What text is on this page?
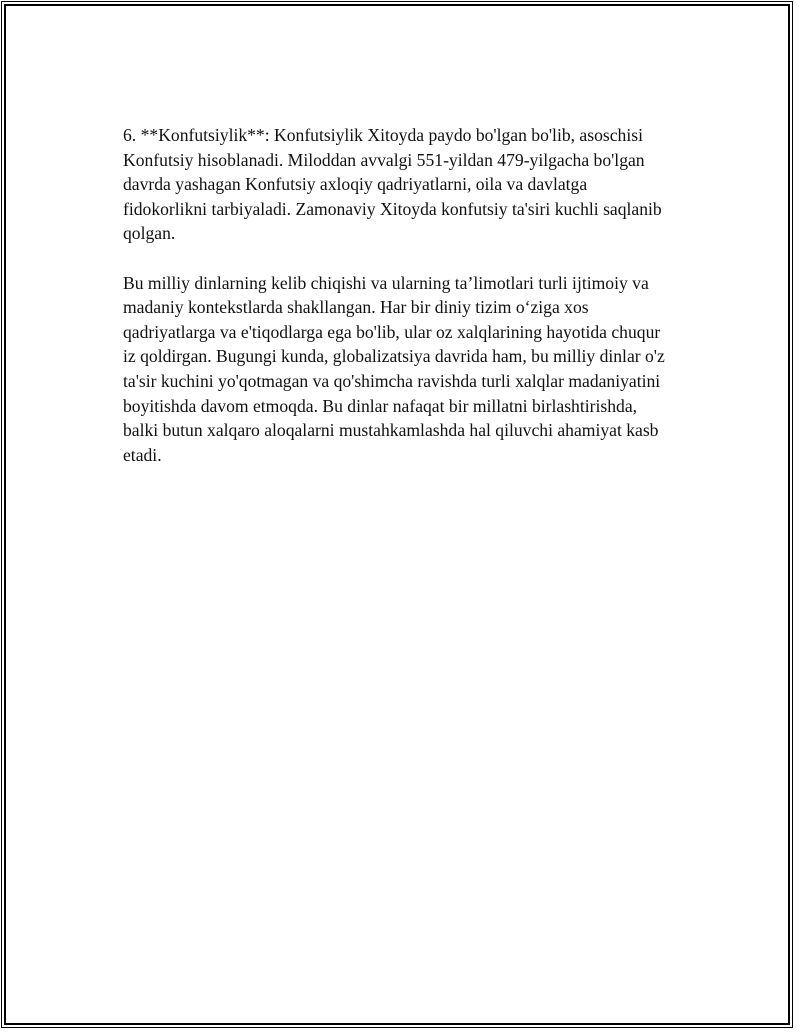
6. **Konfutsiylik**: Konfutsiylik Xitoyda paydo bo'lgan bo'lib, asoschisi
Konfutsiy hisoblanadi. Miloddan avvalgi 551-yildan 479-yilgacha bo'lgan
davrda yashagan Konfutsiy axloqiy qadriyatlarni, oila va davlatga
fidokorlikni tarbiyaladi. Zamonaviy Xitoyda konfutsiy ta'siri kuchli saqlanib
qolgan.

Bu milliy dinlarning kelib chiqishi va ularning ta’limotlari turli ijtimoiy va
madaniy kontekstlarda shakllangan. Har bir diniy tizim o‘ziga xos
qadriyatlarga va e'tiqodlarga ega bo'lib, ular oz xalqlarining hayotida chuqur
iz qoldirgan. Bugungi kunda, globalizatsiya davrida ham, bu milliy dinlar o'z
ta'sir kuchini yo'qotmagan va qo'shimcha ravishda turli xalqlar madaniyatini
boyitishda davom etmoqda. Bu dinlar nafaqat bir millatni birlashtirishda,
balki butun xalqaro aloqalarni mustahkamlashda hal qiluvchi ahamiyat kasb
etadi.
